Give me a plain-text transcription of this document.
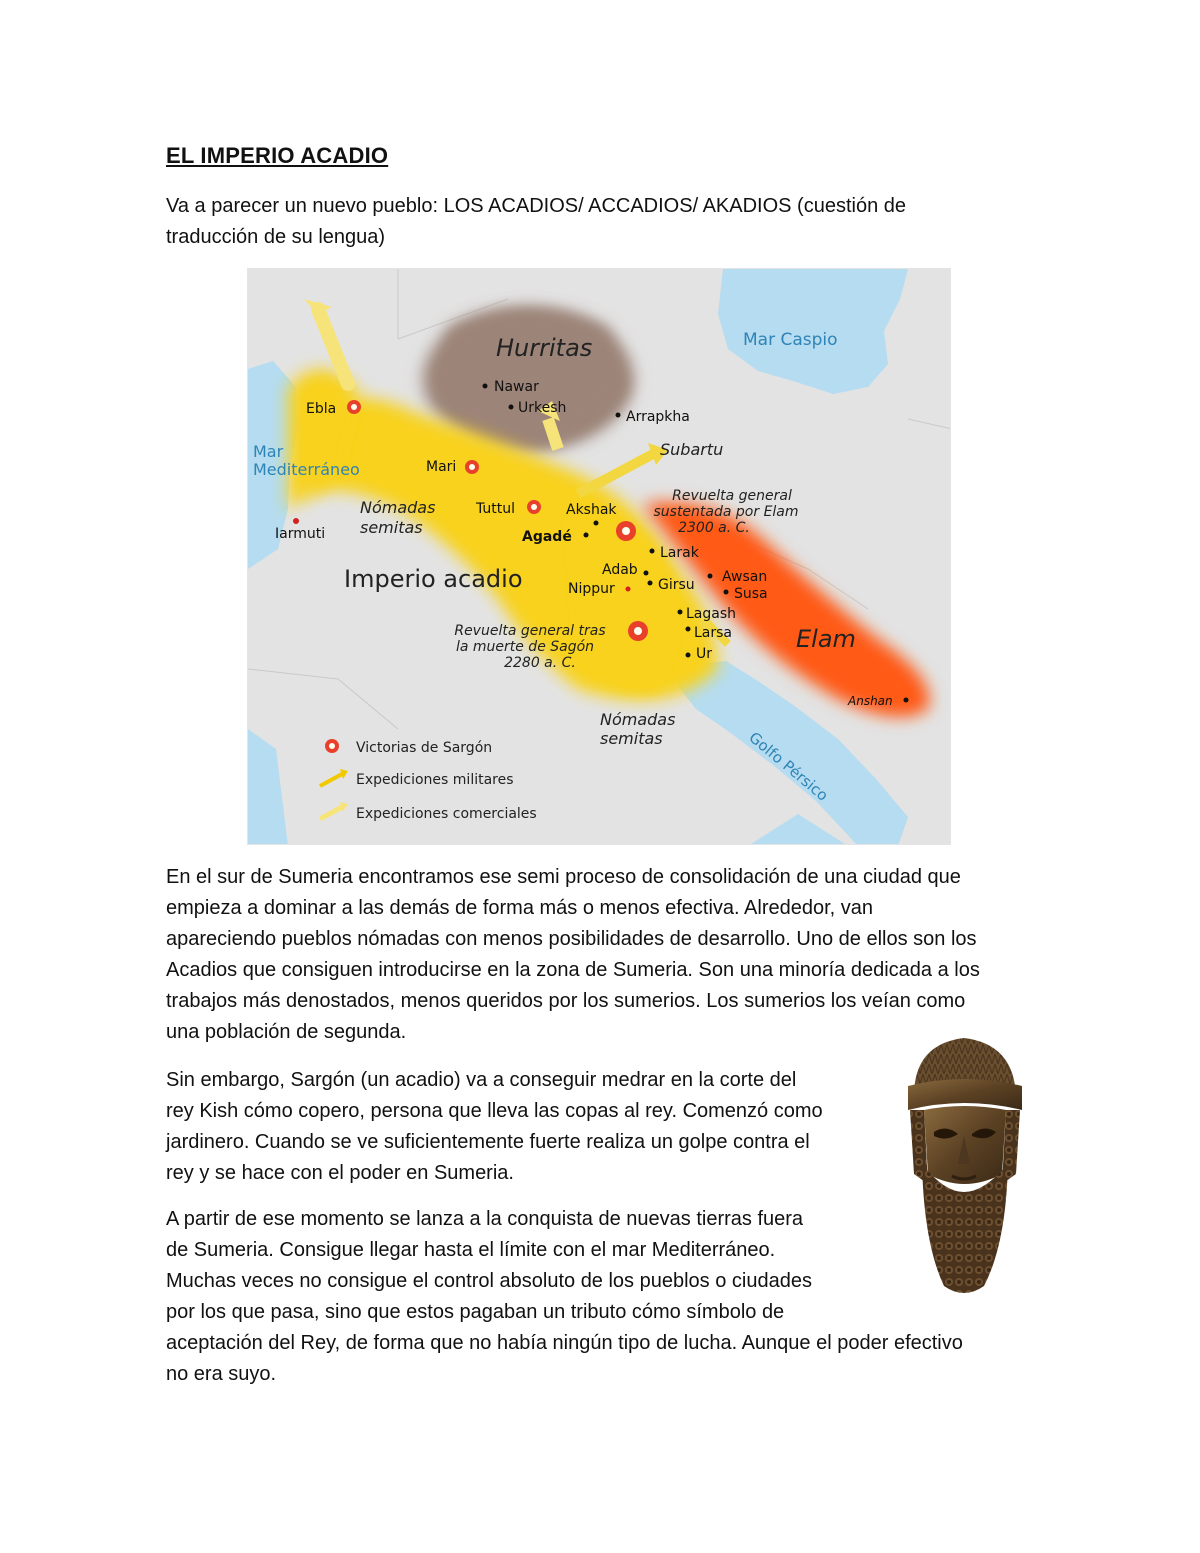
EL IMPERIO ACADIO

Va a parecer un nuevo pueblo: LOS ACADIOS/ ACCADIOS/ AKADIOS (cuestión de
traducción de su lengua)

Hurritas
Elam
Imperio acadio
Nómadas
semitas
Nómadas
semitas
Subartu
Mar Caspio
Mar
Mediterráneo
Golfo Pérsico
Nawar
Urkesh
Arrapkha
Ebla
Mari
Tuttul	Akshak
Agadé
Larak
Adab
Nippur	Girsu Awsan
Susa
Lagash
Larsa
Ur
Iarmuti
Anshan
Revuelta general
sustentada por Elam
2300 a. C.
Revuelta general tras
la muerte de Sagón
2280 a. C.
Victorias de Sargón
Expediciones militares
Expediciones comerciales

En el sur de Sumeria encontramos ese semi proceso de consolidación de una ciudad que
empieza a dominar a las demás de forma más o menos efectiva. Alrededor, van
apareciendo pueblos nómadas con menos posibilidades de desarrollo. Uno de ellos son los
Acadios que consiguen introducirse en la zona de Sumeria. Son una minoría dedicada a los
trabajos más denostados, menos queridos por los sumerios. Los sumerios los veían como
una población de segunda.

Sin embargo, Sargón (un acadio) va a conseguir medrar en la corte del
rey Kish cómo copero, persona que lleva las copas al rey. Comenzó como
jardinero. Cuando se ve suficientemente fuerte realiza un golpe contra el
rey y se hace con el poder en Sumeria.

A partir de ese momento se lanza a la conquista de nuevas tierras fuera
de Sumeria. Consigue llegar hasta el límite con el mar Mediterráneo.
Muchas veces no consigue el control absoluto de los pueblos o ciudades
por los que pasa, sino que estos pagaban un tributo cómo símbolo de
aceptación del Rey, de forma que no había ningún tipo de lucha. Aunque el poder efectivo
no era suyo.
